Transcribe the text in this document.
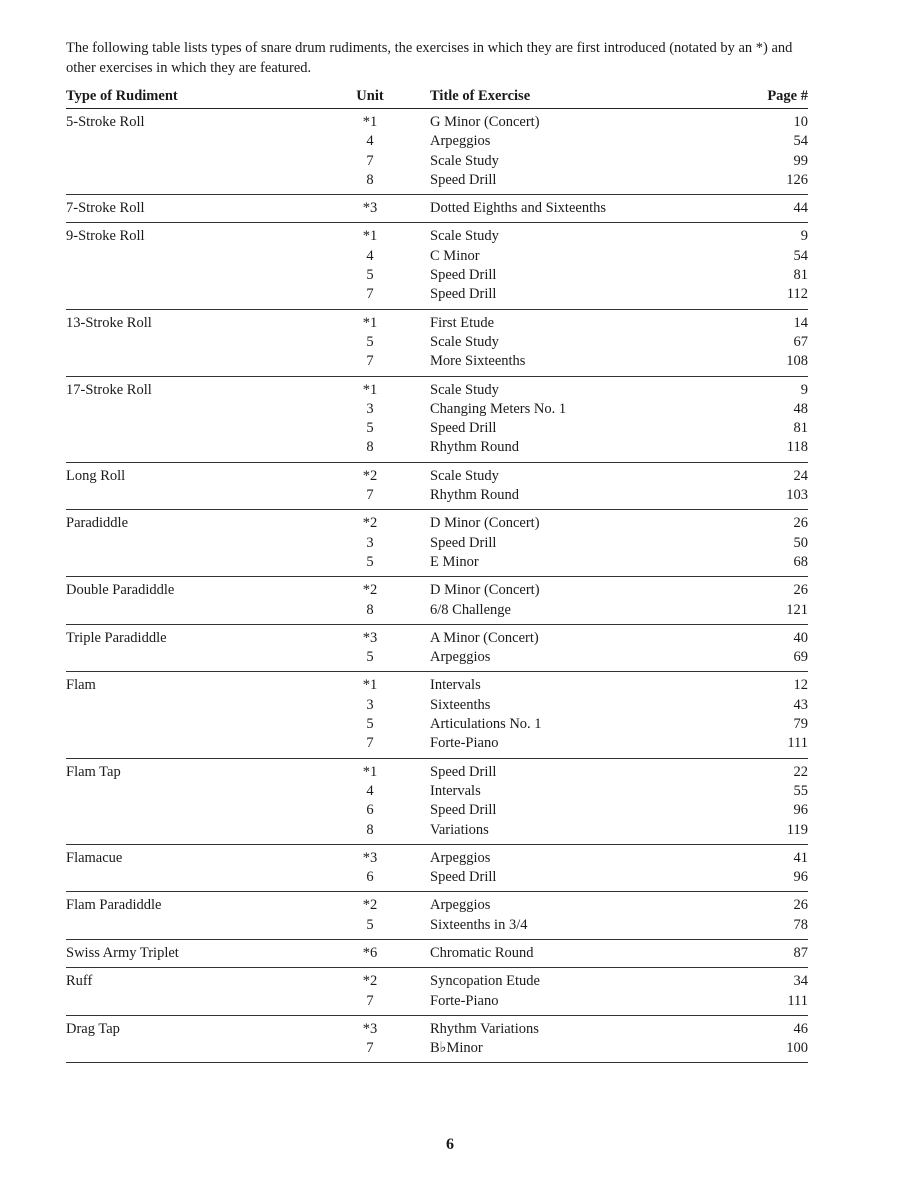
The following table lists types of snare drum rudiments, the exercises in which they are first introduced (notated by an *) and other exercises in which they are featured.

Type of Rudiment	Unit	Title of Exercise	Page #
5-Stroke Roll	*1	G Minor (Concert)	10
4	Arpeggios	54
7	Scale Study	99
8	Speed Drill	126
7-Stroke Roll	*3	Dotted Eighths and Sixteenths	44
9-Stroke Roll	*1	Scale Study	9
4	C Minor	54
5	Speed Drill	81
7	Speed Drill	112
13-Stroke Roll	*1	First Etude	14
5	Scale Study	67
7	More Sixteenths	108
17-Stroke Roll	*1	Scale Study	9
3	Changing Meters No. 1	48
5	Speed Drill	81
8	Rhythm Round	118
Long Roll	*2	Scale Study	24
7	Rhythm Round	103
Paradiddle	*2	D Minor (Concert)	26
3	Speed Drill	50
5	E Minor	68
Double Paradiddle	*2	D Minor (Concert)	26
8	6/8 Challenge	121
Triple Paradiddle	*3	A Minor (Concert)	40
5	Arpeggios	69
Flam	*1	Intervals	12
3	Sixteenths	43
5	Articulations No. 1	79
7	Forte-Piano	111
Flam Tap	*1	Speed Drill	22
4	Intervals	55
6	Speed Drill	96
8	Variations	119
Flamacue	*3	Arpeggios	41
6	Speed Drill	96
Flam Paradiddle	*2	Arpeggios	26
5	Sixteenths in 3/4	78
Swiss Army Triplet	*6	Chromatic Round	87
Ruff	*2	Syncopation Etude	34
7	Forte-Piano	111
Drag Tap	*3	Rhythm Variations	46
7	B♭Minor	100
6
